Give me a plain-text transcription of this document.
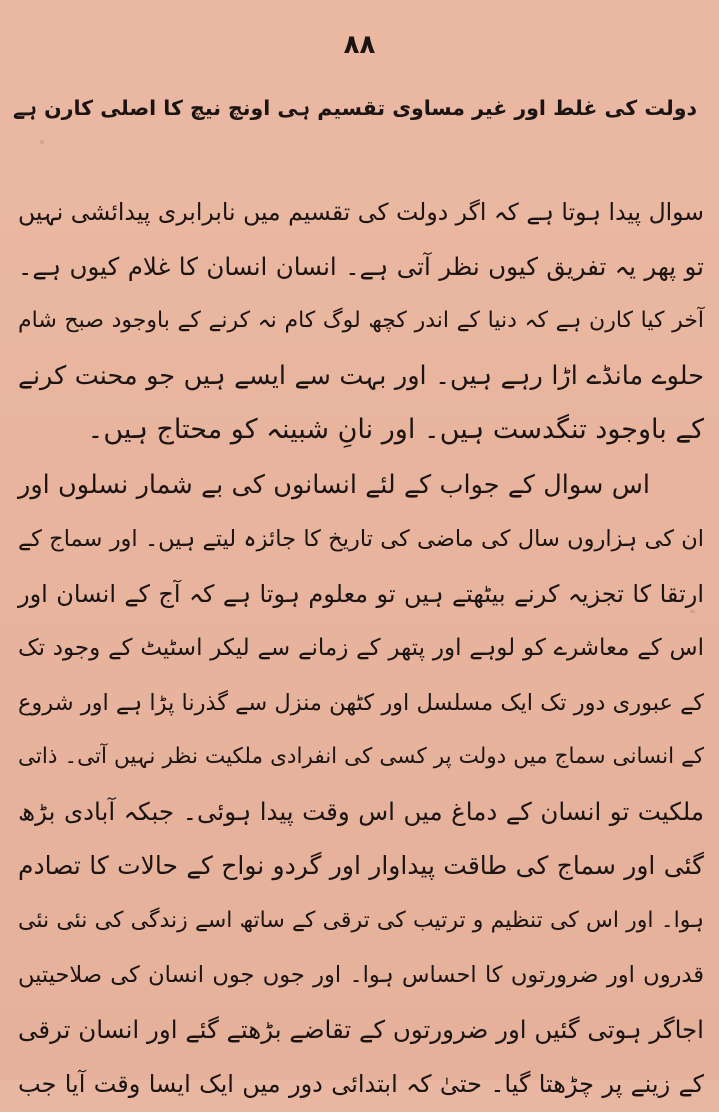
۸۸
دولت کی غلط اور غیر مساوی تقسیم ہی اونچ نیچ کا اصلی کارن ہے
سوال پیدا ہوتا ہے کہ اگر دولت کی تقسیم میں نابرابری پیدائشی نہیں
تو پھر یہ تفریق کیوں نظر آتی ہے۔ انسان انسان کا غلام کیوں ہے۔
آخر کیا کارن ہے کہ دنیا کے اندر کچھ لوگ کام نہ کرنے کے باوجود صبح شام
حلوے مانڈے اڑا رہے ہیں۔ اور بہت سے ایسے ہیں جو محنت کرنے
کے باوجود تنگدست ہیں۔ اور نانِ شبینہ کو محتاج ہیں۔
اس سوال کے جواب کے لئے انسانوں کی بے شمار نسلوں اور
ان کی ہزاروں سال کی ماضی کی تاریخ کا جائزہ لیتے ہیں۔ اور سماج کے
ارتقا کا تجزیہ کرنے بیٹھتے ہیں تو معلوم ہوتا ہے کہ آج کے انسان اور
اس کے معاشرے کو لوہے اور پتھر کے زمانے سے لیکر اسٹیٹ کے وجود تک
کے عبوری دور تک ایک مسلسل اور کٹھن منزل سے گذرنا پڑا ہے اور شروع
کے انسانی سماج میں دولت پر کسی کی انفرادی ملکیت نظر نہیں آتی۔ ذاتی
ملکیت تو انسان کے دماغ میں اس وقت پیدا ہوئی۔ جبکہ آبادی بڑھ
گئی اور سماج کی طاقت پیداوار اور گردو نواح کے حالات کا تصادم
ہوا۔ اور اس کی تنظیم و ترتیب کی ترقی کے ساتھ اسے زندگی کی نئی نئی
قدروں اور ضرورتوں کا احساس ہوا۔ اور جوں جوں انسان کی صلاحیتیں
اجاگر ہوتی گئیں اور ضرورتوں کے تقاضے بڑھتے گئے اور انسان ترقی
کے زینے پر چڑھتا گیا۔ حتیٰ کہ ابتدائی دور میں ایک ایسا وقت آیا جب
